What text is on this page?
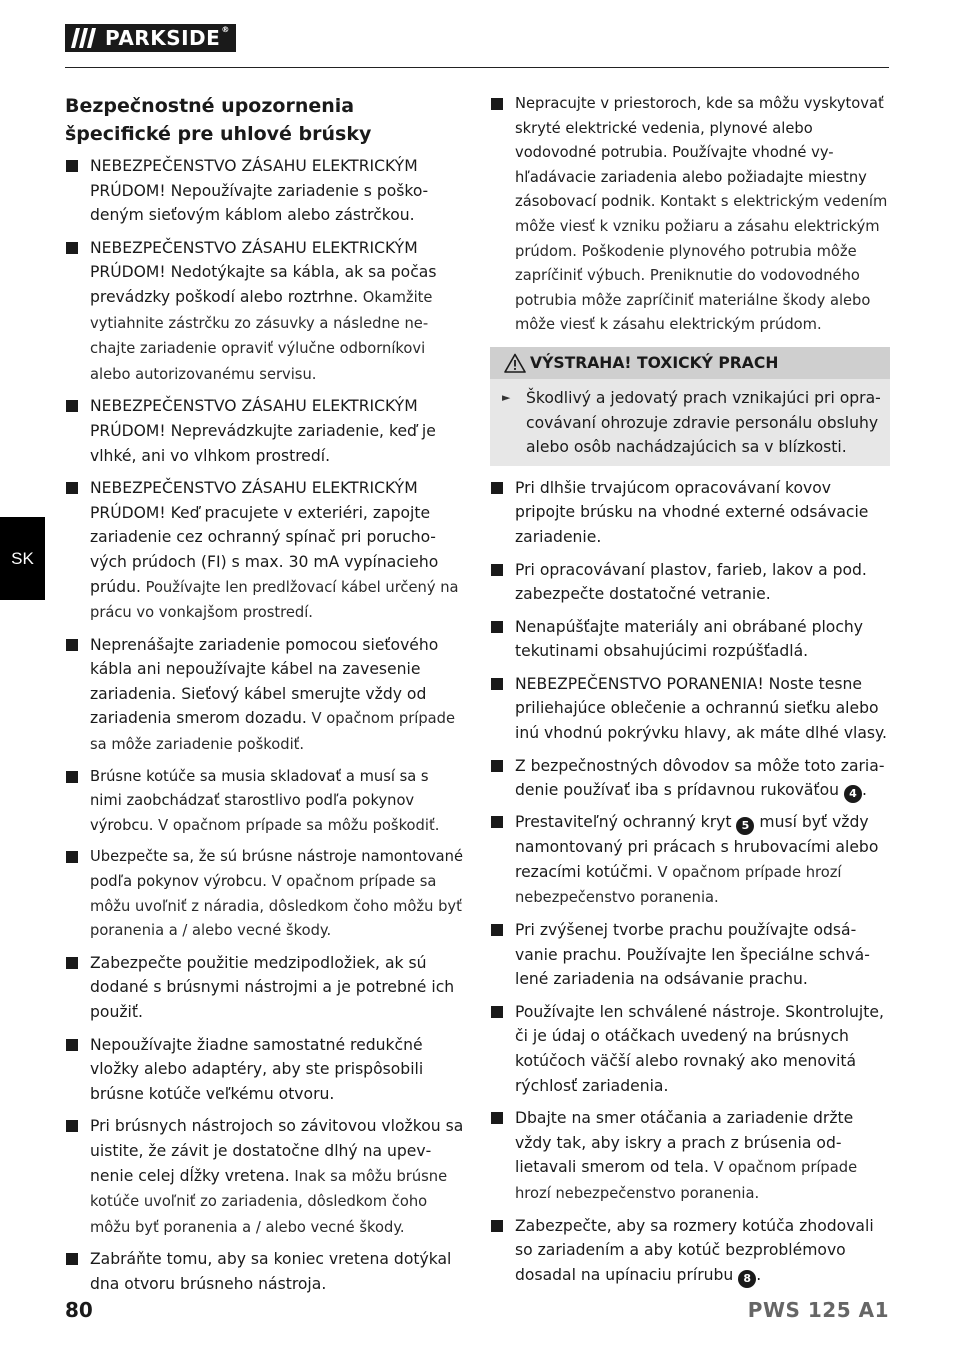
PARKSIDE®
SK
Bezpečnostné upozornenia špecifické pre uhlové brúsky
NEBEZPEČENSTVO ZÁSAHU ELEKTRICKÝM PRÚDOM! Nepoužívajte zariadenie s poškodeným sieťovým káblom alebo zástrčkou.
NEBEZPEČENSTVO ZÁSAHU ELEKTRICKÝM PRÚDOM! Nedotýkajte sa kábla, ak sa počas prevádzky poškodí alebo roztrhne. Okamžite vytiahnite zástrčku zo zásuvky a následne nechajte zariadenie opraviť výlučne odborníkovi alebo autorizovanému servisu.
NEBEZPEČENSTVO ZÁSAHU ELEKTRICKÝM PRÚDOM! Neprevádzkujte zariadenie, keď je vlhké, ani vo vlhkom prostredí.
NEBEZPEČENSTVO ZÁSAHU ELEKTRICKÝM PRÚDOM! Keď pracujete v exteriéri, zapojte zariadenie cez ochranný spínač pri poruchových prúdoch (FI) s max. 30 mA vypínacieho prúdu. Používajte len predlžovací kábel určený na prácu vo vonkajšom prostredí.
Neprenášajte zariadenie pomocou sieťového kábla ani nepoužívajte kábel na zavesenie zariadenia. Sieťový kábel smerujte vždy od zariadenia smerom dozadu. V opačnom prípade sa môže zariadenie poškodiť.
Brúsne kotúče sa musia skladovať a musí sa s nimi zaobchádzať starostlivo podľa pokynov výrobcu. V opačnom prípade sa môžu poškodiť.
Ubezpečte sa, že sú brúsne nástroje namontované podľa pokynov výrobcu. V opačnom prípade sa môžu uvoľniť z náradia, dôsledkom čoho môžu byť poranenia a / alebo vecné škody.
Zabezpečte použitie medzipodložiek, ak sú dodané s brúsnymi nástrojmi a je potrebné ich použiť.
Nepoužívajte žiadne samostatné redukčné vložky alebo adaptéry, aby ste prispôsobili brúsne kotúče veľkému otvoru.
Pri brúsnych nástrojoch so závitovou vložkou sa uistite, že závit je dostatočne dlhý na upevnenie celej dĺžky vretena. Inak sa môžu brúsne kotúče uvoľniť zo zariadenia, dôsledkom čoho môžu byť poranenia a / alebo vecné škody.
Zabráňte tomu, aby sa koniec vretena dotýkal dna otvoru brúsneho nástroja.
Nepracujte v priestoroch, kde sa môžu vyskytovať skryté elektrické vedenia, plynové alebo vodovodné potrubia. Používajte vhodné vy-hľadávacie zariadenia alebo požiadajte miestny zásobovací podnik. Kontakt s elektrickým vedením môže viesť k vzniku požiaru a zásahu elektrickým prúdom. Poškodenie plynového potrubia môže zapríčiniť výbuch. Preniknutie do vodovodného potrubia môže zapríčiniť materiálne škody alebo môže viesť k zásahu elektrickým prúdom.
VÝSTRAHA! TOXICKÝ PRACH
► Škodlivý a jedovatý prach vznikajúci pri opracovávaní ohrozuje zdravie personálu obsluhy alebo osôb nachádzajúcich sa v blízkosti.
Pri dlhšie trvajúcom opracovávaní kovov pripojte brúsku na vhodné externé odsávacie zariadenie.
Pri opracovávaní plastov, farieb, lakov a pod. zabezpečte dostatočné vetranie.
Nenapúšťajte materiály ani obrábané plochy tekutinami obsahujúcimi rozpúšťadlá.
NEBEZPEČENSTVO PORANENIA! Noste tesne priliehajúce oblečenie a ochrannú sieťku alebo inú vhodnú pokrývku hlavy, ak máte dlhé vlasy.
Z bezpečnostných dôvodov sa môže toto zariadenie používať iba s prídavnou rukoväťou 4 .
Prestaviteľný ochranný kryt 5 musí byť vždy namontovaný pri prácach s hrubovacími alebo rezacími kotúčmi. V opačnom prípade hrozí nebezpečenstvo poranenia.
Pri zvýšenej tvorbe prachu používajte odsávanie prachu. Používajte len špeciálne schválené zariadenia na odsávanie prachu.
Používajte len schválené nástroje. Skontrolujte, či je údaj o otáčkach uvedený na brúsnych kotúčoch väčší alebo rovnaký ako menovitá rýchlosť zariadenia.
Dbajte na smer otáčania a zariadenie držte vždy tak, aby iskry a prach z brúsenia odlietavali smerom od tela. V opačnom prípade hrozí nebezpečenstvo poranenia.
Zabezpečte, aby sa rozmery kotúča zhodovali so zariadením a aby kotúč bezproblémovo dosadal na upínaciu prírubu 8 .
80	PWS 125 A1
